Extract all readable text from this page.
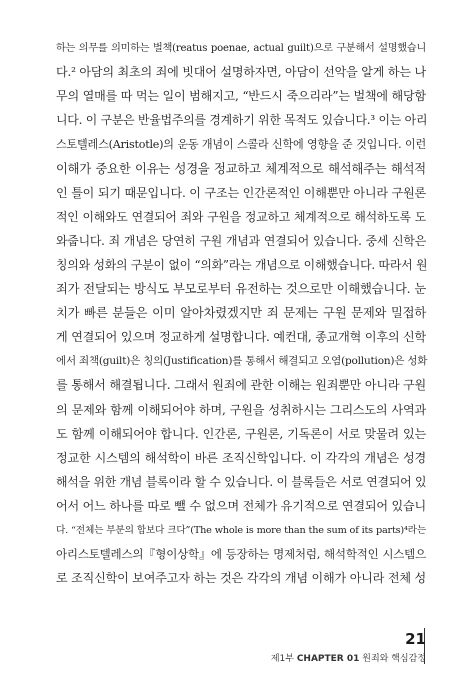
하는 의무를 의미하는 벌책(reatus poenae, actual guilt)으로 구분해서 설명했습니
다.² 아담의 최초의 죄에 빗대어 설명하자면, 아담이 선악을 알게 하는 나
무의 열매를 따 먹는 일이 범해지고, “반드시 죽으리라”는 벌책에 해당함
니다. 이 구분은 반율법주의를 경계하기 위한 목적도 있습니다.³ 이는 아리
스토텔레스(Aristotle)의 운동 개념이 스콜라 신학에 영향을 준 것입니다. 이런
이해가 중요한 이유는 성경을 정교하고 체계적으로 해석해주는 해석적
인 틀이 되기 때문입니다. 이 구조는 인간론적인 이해뿐만 아니라 구원론
적인 이해와도 연결되어 죄와 구원을 정교하고 체계적으로 해석하도록 도
와줍니다. 죄 개념은 당연히 구원 개념과 연결되어 있습니다. 중세 신학은
칭의와 성화의 구분이 없이 “의화”라는 개념으로 이해했습니다. 따라서 원
죄가 전달되는 방식도 부모로부터 유전하는 것으로만 이해했습니다. 눈
치가 빠른 분들은 이미 알아차렸겠지만 죄 문제는 구원 문제와 밀접하
게 연결되어 있으며 정교하게 설명합니다. 예컨대, 종교개혁 이후의 신학
에서 죄책(guilt)은 칭의(Justification)를 통해서 해결되고 오염(pollution)은 성화
를 통해서 해결됩니다. 그래서 원죄에 관한 이해는 원죄뿐만 아니라 구원
의 문제와 함께 이해되어야 하며, 구원을 성취하시는 그리스도의 사역과
도 함께 이해되어야 합니다. 인간론, 구원론, 기독론이 서로 맞물려 있는
정교한 시스템의 해석학이 바른 조직신학입니다. 이 각각의 개념은 성경
해석을 위한 개념 블록이라 할 수 있습니다. 이 블록들은 서로 연결되어 있
어서 어느 하나를 따로 뺄 수 없으며 전체가 유기적으로 연결되어 있습니
다. “전체는 부분의 합보다 크다”(The whole is more than the sum of its parts)⁴라는
아리스토텔레스의『형이상학』에 등장하는 명제처럼, 해석학적인 시스템으
로 조직신학이 보여주고자 하는 것은 각각의 개념 이해가 아니라 전체 성
21
제1부 CHAPTER 01 원죄와 핵심감정
